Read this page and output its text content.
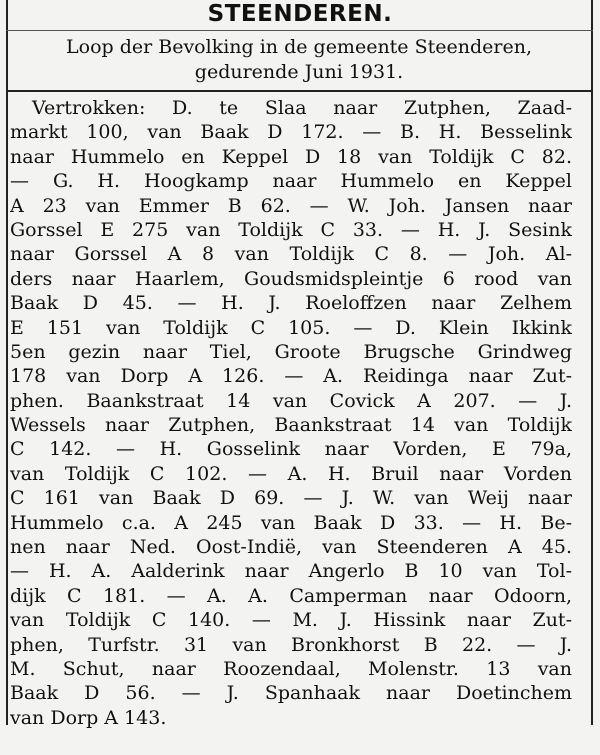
STEENDEREN.
Loop der Bevolking in de gemeente Steenderen,
gedurende Juni 1931.
Vertrokken: D. te Slaa naar Zutphen, Zaad-
markt 100, van Baak D 172. — B. H. Besselink
naar Hummelo en Keppel D 18 van Toldijk C 82.
— G. H. Hoogkamp naar Hummelo en Keppel
A 23 van Emmer B 62. — W. Joh. Jansen naar
Gorssel E 275 van Toldijk C 33. — H. J. Sesink
naar Gorssel A 8 van Toldijk C 8. — Joh. Al-
ders naar Haarlem, Goudsmidspleintje 6 rood van
Baak D 45. — H. J. Roeloffzen naar Zelhem
E 151 van Toldijk C 105. — D. Klein Ikkink
5en gezin naar Tiel, Groote Brugsche Grindweg
178 van Dorp A 126. — A. Reidinga naar Zut-
phen. Baankstraat 14 van Covick A 207. — J.
Wessels naar Zutphen, Baankstraat 14 van Toldijk
C 142. — H. Gosselink naar Vorden, E 79a,
van Toldijk C 102. — A. H. Bruil naar Vorden
C 161 van Baak D 69. — J. W. van Weij naar
Hummelo c.a. A 245 van Baak D 33. — H. Be-
nen naar Ned. Oost-Indië, van Steenderen A 45.
— H. A. Aalderink naar Angerlo B 10 van Tol-
dijk C 181. — A. A. Camperman naar Odoorn,
van Toldijk C 140. — M. J. Hissink naar Zut-
phen, Turfstr. 31 van Bronkhorst B 22. — J.
M. Schut, naar Roozendaal, Molenstr. 13 van
Baak D 56. — J. Spanhaak naar Doetinchem
van Dorp A 143.
